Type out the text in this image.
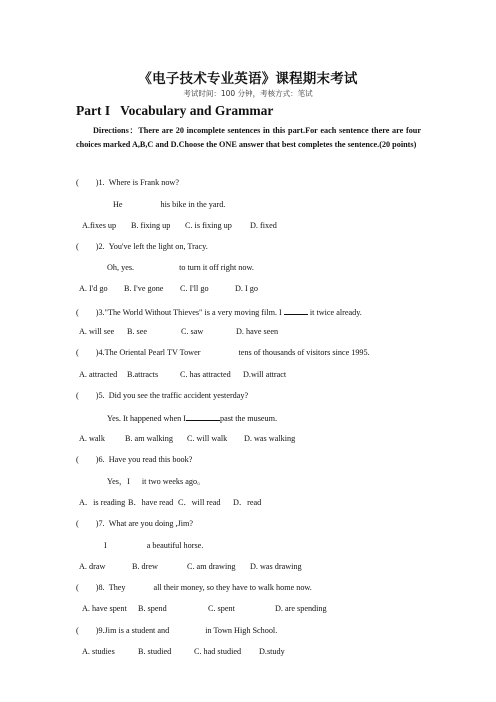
《电子技术专业英语》课程期末考试
考试时间：100 分钟，考核方式：笔试
Part I Vocabulary and Grammar
Directions：There are 20 incomplete sentences in this part.For each sentence there are four choices marked A,B,C and D.Choose the ONE answer that best completes the sentence.(20 points)
( )1. Where is Frank now?
He	his bike in the yard.
A.fixes up B. fixing up C. is fixing up D. fixed
( )2. You've left the light on, Tracy.
Oh, yes.	to turn it off right now.
A. I'd go B. I've gone C. I'll go	D. I go
( )3."The World Without Thieves" is a very moving film. I	it twice already.
A. will see B. see	C. saw	D. have seen
( )4.The Oriental Pearl TV Tower	tens of thousands of visitors since 1995.
A. attracted B.attracts	C. has attracted D.will attract
( )5. Did you see the traffic accident yesterday?
Yes. It happened when I	past the museum.
A. walk B. am walking C. will walk D. was walking
( )6. Have you read this book?
Yes，I it two weeks ago。
A．is reading B．have read C．will read D．read
( )7. What are you doing ,Jim?
I	a beautiful horse.
A. draw	B. drew	C. am drawing D. was drawing
( )8. They	all their money, so they have to walk home now.
A. have spent B. spend	C. spent	D. are spending
( )9.Jim is a student and	in Town High School.
A. studies	B. studied	C. had studied D.study
